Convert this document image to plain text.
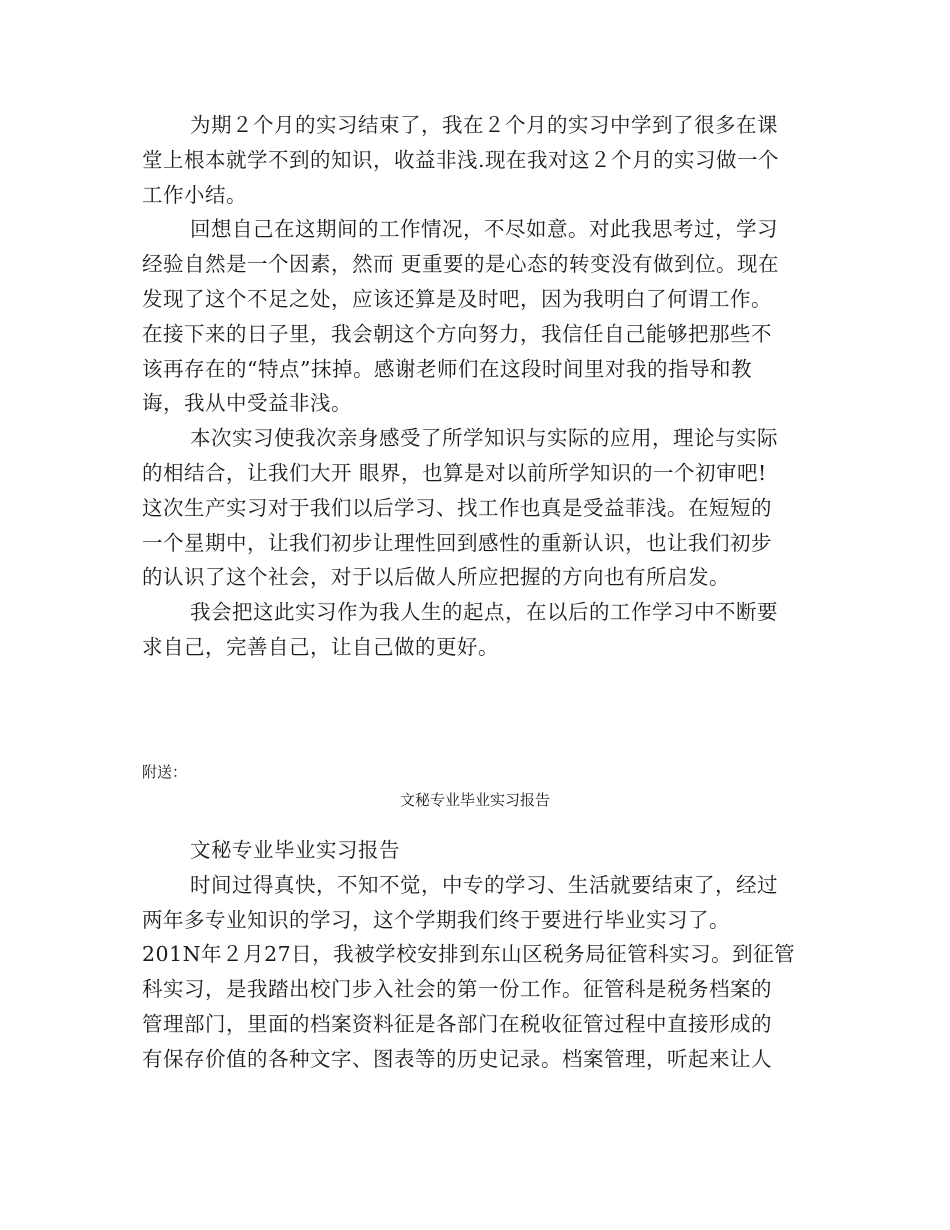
为期２个月的实习结束了，我在２个月的实习中学到了很多在课
堂上根本就学不到的知识，收益非浅.现在我对这２个月的实习做一个
工作小结。
回想自己在这期间的工作情况，不尽如意。对此我思考过，学习
经验自然是一个因素，然而 更重要的是心态的转变没有做到位。现在
发现了这个不足之处，应该还算是及时吧，因为我明白了何谓工作。
在接下来的日子里，我会朝这个方向努力，我信任自己能够把那些不
该再存在的“特点”抹掉。感谢老师们在这段时间里对我的指导和教
诲，我从中受益非浅。
本次实习使我次亲身感受了所学知识与实际的应用，理论与实际
的相结合，让我们大开 眼界，也算是对以前所学知识的一个初审吧!
这次生产实习对于我们以后学习、找工作也真是受益菲浅。在短短的
一个星期中，让我们初步让理性回到感性的重新认识，也让我们初步
的认识了这个社会，对于以后做人所应把握的方向也有所启发。
我会把这此实习作为我人生的起点，在以后的工作学习中不断要
求自己，完善自己，让自己做的更好。
附送：
文秘专业毕业实习报告
文秘专业毕业实习报告
时间过得真快，不知不觉，中专的学习、生活就要结束了，经过
两年多专业知识的学习，这个学期我们终于要进行毕业实习了。
201N年２月27日，我被学校安排到东山区税务局征管科实习。到征管
科实习，是我踏出校门步入社会的第一份工作。征管科是税务档案的
管理部门，里面的档案资料征是各部门在税收征管过程中直接形成的
有保存价值的各种文字、图表等的历史记录。档案管理，听起来让人
